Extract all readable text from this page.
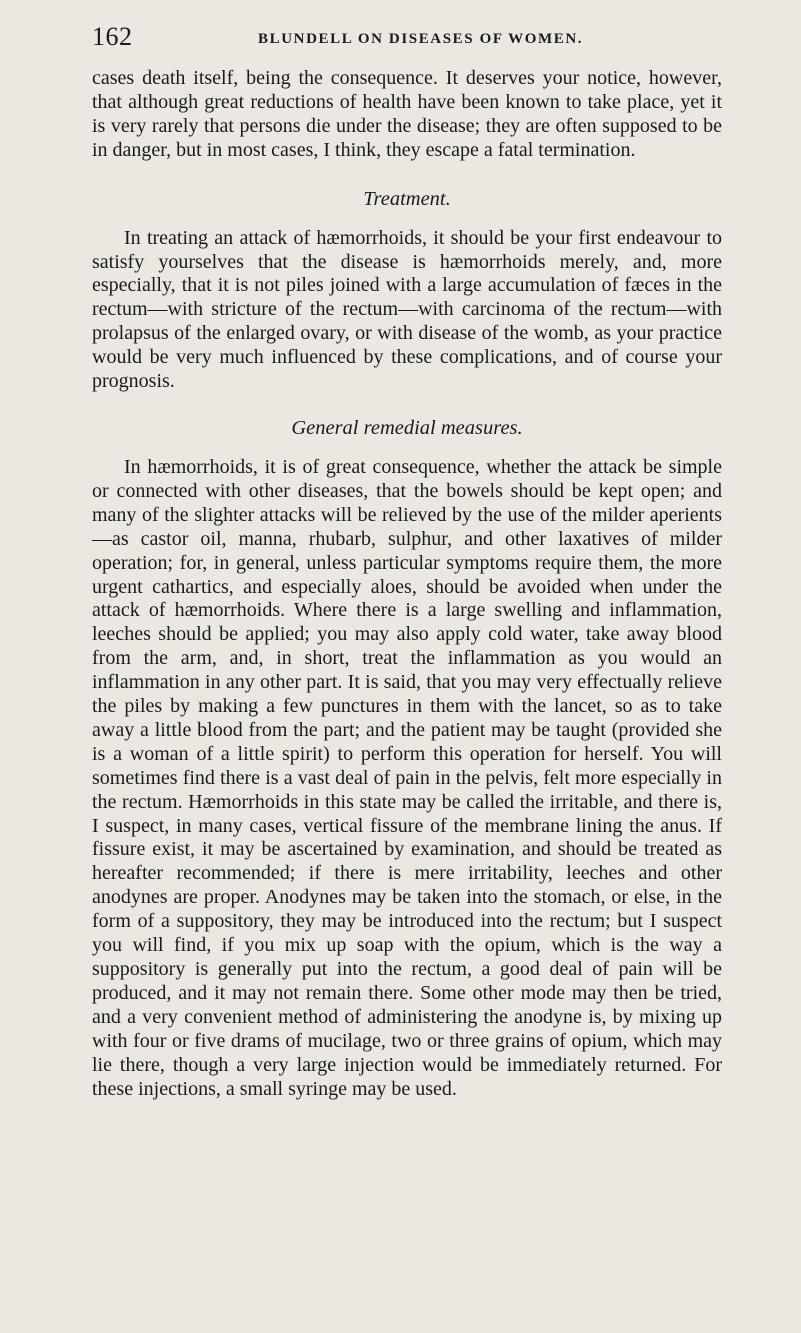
162	BLUNDELL ON DISEASES OF WOMEN.

cases death itself, being the consequence. It deserves your notice, however, that although great reductions of health have been known to take place, yet it is very rarely that persons die under the disease; they are often supposed to be in danger, but in most cases, I think, they escape a fatal termination.

Treatment.

In treating an attack of hæmorrhoids, it should be your first endeavour to satisfy yourselves that the disease is hæmorrhoids merely, and, more especially, that it is not piles joined with a large accumulation of fæces in the rectum—with stricture of the rectum—with carcinoma of the rectum—with prolapsus of the enlarged ovary, or with disease of the womb, as your practice would be very much influenced by these complications, and of course your prognosis.

General remedial measures.

In hæmorrhoids, it is of great consequence, whether the attack be simple or connected with other diseases, that the bowels should be kept open; and many of the slighter attacks will be relieved by the use of the milder aperients—as castor oil, manna, rhubarb, sulphur, and other laxatives of milder operation; for, in general, unless particular symptoms require them, the more urgent cathartics, and especially aloes, should be avoided when under the attack of hæmorrhoids. Where there is a large swelling and inflammation, leeches should be applied; you may also apply cold water, take away blood from the arm, and, in short, treat the inflammation as you would an inflammation in any other part. It is said, that you may very effectually relieve the piles by making a few punctures in them with the lancet, so as to take away a little blood from the part; and the patient may be taught (provided she is a woman of a little spirit) to perform this operation for herself. You will sometimes find there is a vast deal of pain in the pelvis, felt more especially in the rectum. Hæmorrhoids in this state may be called the irritable, and there is, I suspect, in many cases, vertical fissure of the membrane lining the anus. If fissure exist, it may be ascertained by examination, and should be treated as hereafter recommended; if there is mere irritability, leeches and other anodynes are proper. Anodynes may be taken into the stomach, or else, in the form of a suppository, they may be introduced into the rectum; but I suspect you will find, if you mix up soap with the opium, which is the way a suppository is generally put into the rectum, a good deal of pain will be produced, and it may not remain there. Some other mode may then be tried, and a very convenient method of administering the anodyne is, by mixing up with four or five drams of mucilage, two or three grains of opium, which may lie there, though a very large injection would be immediately returned. For these injections, a small syringe may be used.
